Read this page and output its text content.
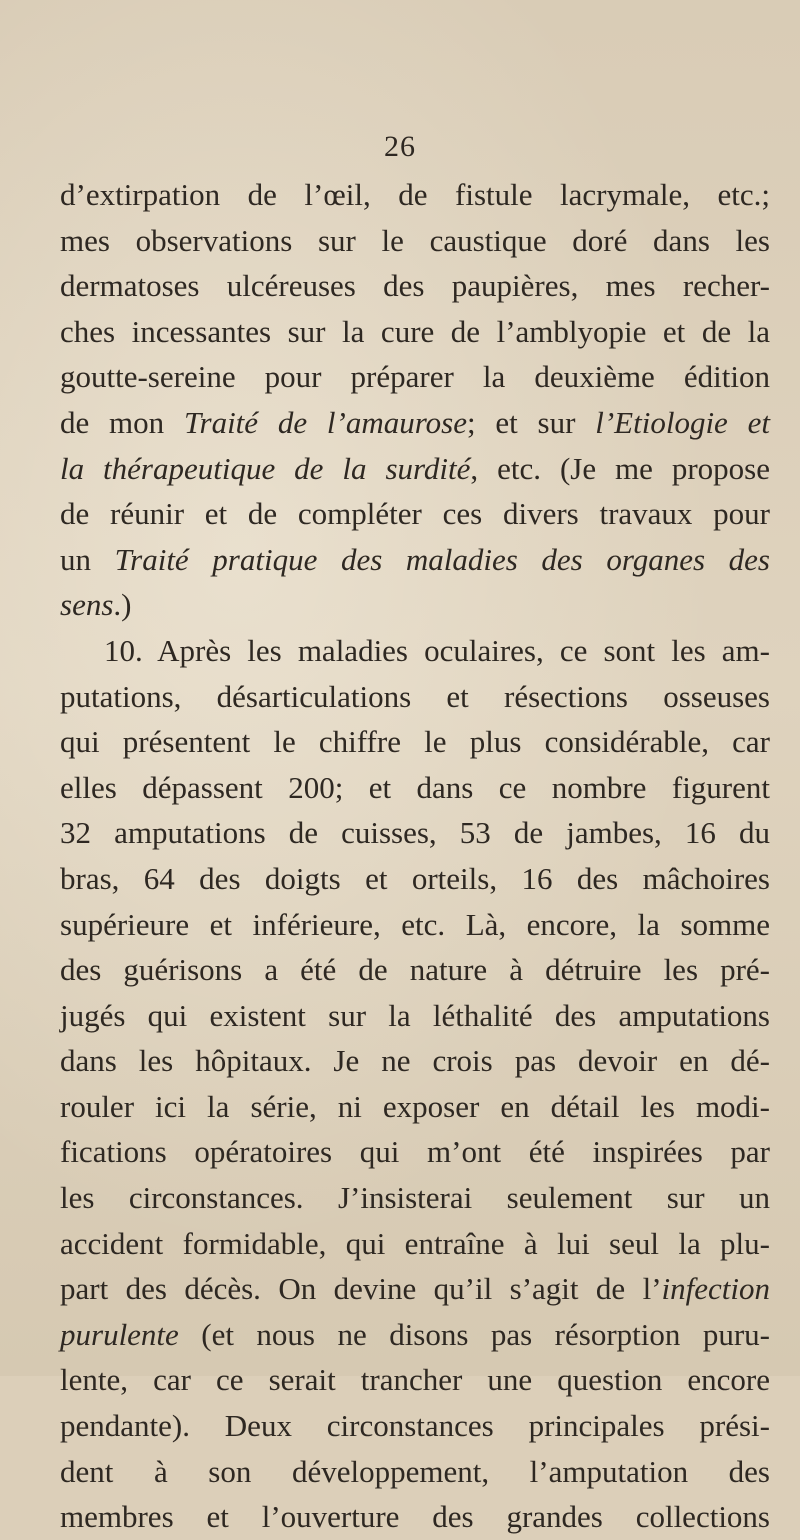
26
d’extirpation de l’œil, de fistule lacrymale, etc.;
mes observations sur le caustique doré dans les
dermatoses ulcéreuses des paupières, mes recher-
ches incessantes sur la cure de l’amblyopie et de la
goutte-sereine pour préparer la deuxième édition
de mon Traité de l’amaurose; et sur l’Etiologie et
la thérapeutique de la surdité, etc. (Je me propose
de réunir et de compléter ces divers travaux pour
un Traité pratique des maladies des organes des
sens.)
10. Après les maladies oculaires, ce sont les am-
putations, désarticulations et résections osseuses
qui présentent le chiffre le plus considérable, car
elles dépassent 200; et dans ce nombre figurent
32 amputations de cuisses, 53 de jambes, 16 du
bras, 64 des doigts et orteils, 16 des mâchoires
supérieure et inférieure, etc. Là, encore, la somme
des guérisons a été de nature à détruire les pré-
jugés qui existent sur la léthalité des amputations
dans les hôpitaux. Je ne crois pas devoir en dé-
rouler ici la série, ni exposer en détail les modi-
fications opératoires qui m’ont été inspirées par
les circonstances. J’insisterai seulement sur un
accident formidable, qui entraîne à lui seul la plu-
part des décès. On devine qu’il s’agit de l’infection
purulente (et nous ne disons pas résorption puru-
lente, car ce serait trancher une question encore
pendante). Deux circonstances principales prési-
dent à son développement, l’amputation des
membres et l’ouverture des grandes collections
